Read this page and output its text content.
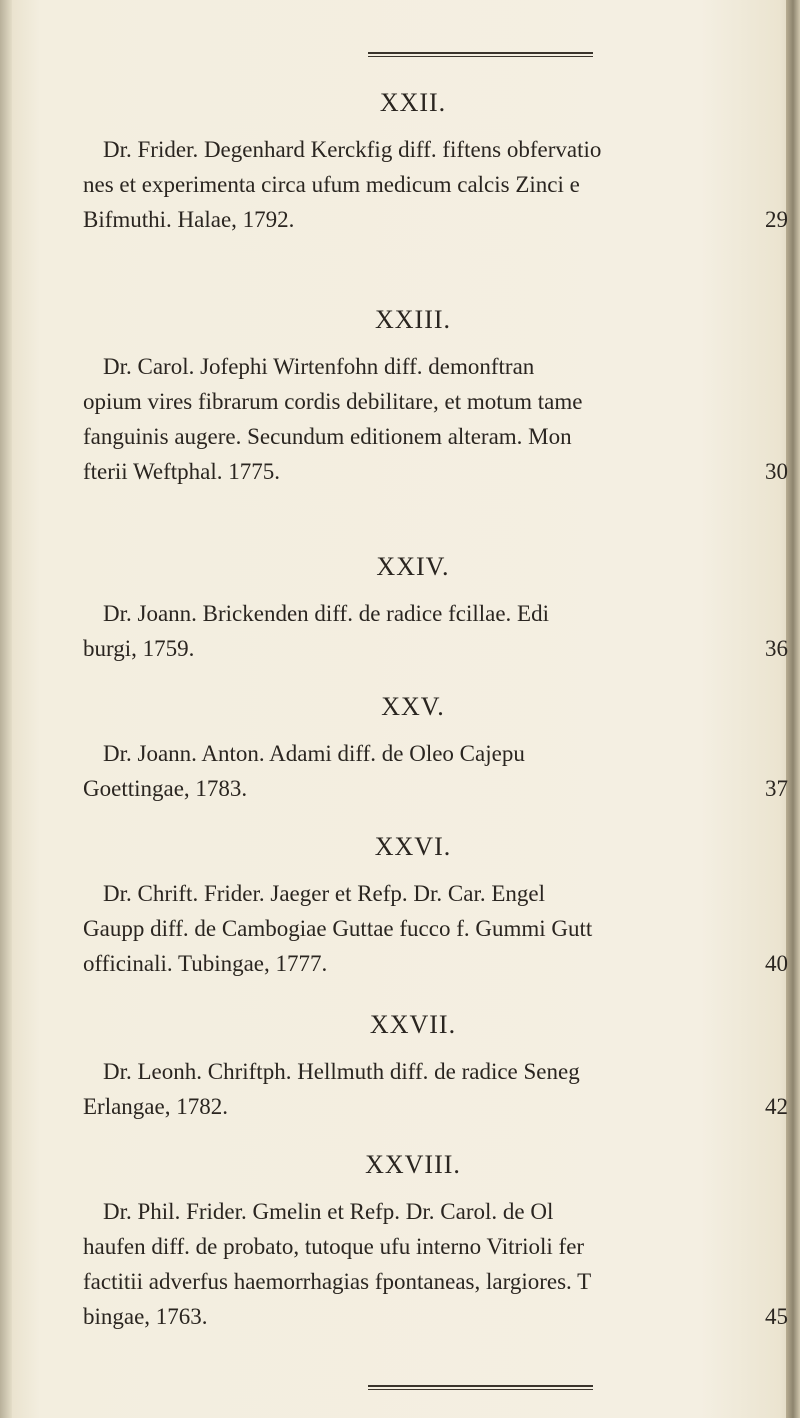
XXII.
Dr. Frider. Degenhard Kerckfig diff. fiftens obfervatio
nes et experimenta circa ufum medicum calcis Zinci e
Bifmuthi. Halae, 1792.	29
XXIII.
Dr. Carol. Jofephi Wirtenfohn diff. demonftran
opium vires fibrarum cordis debilitare, et motum tame
fanguinis augere. Secundum editionem alteram. Mon
fterii Weftphal. 1775.	30
XXIV.
Dr. Joann. Brickenden diff. de radice fcillae. Edi
burgi, 1759.	36
XXV.
Dr. Joann. Anton. Adami diff. de Oleo Cajepu
Goettingae, 1783.	37
XXVI.
Dr. Chrift. Frider. Jaeger et Refp. Dr. Car. Engel
Gaupp diff. de Cambogiae Guttae fucco f. Gummi Gutt
officinali. Tubingae, 1777.	40
XXVII.
Dr. Leonh. Chriftph. Hellmuth diff. de radice Seneg
Erlangae, 1782.	42
XXVIII.
Dr. Phil. Frider. Gmelin et Refp. Dr. Carol. de Ol
haufen diff. de probato, tutoque ufu interno Vitrioli fer
factitii adverfus haemorrhagias fpontaneas, largiores. T
bingae, 1763.	45
